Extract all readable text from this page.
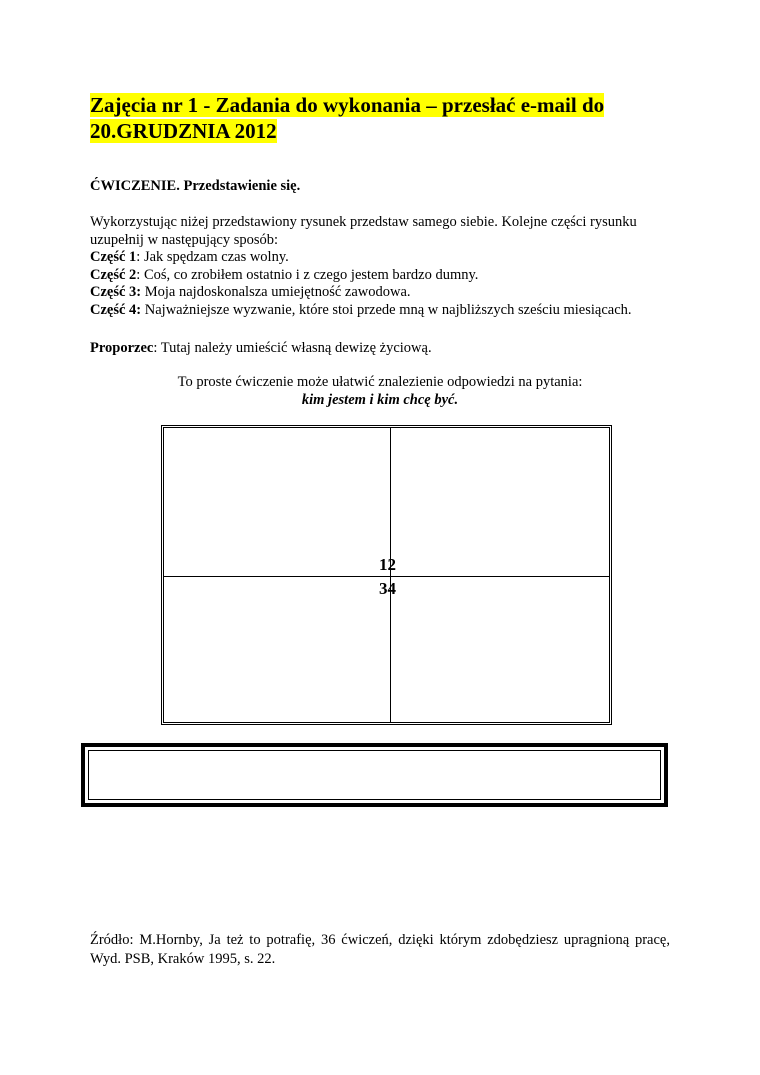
Zajęcia nr 1 - Zadania do wykonania – przesłać e-mail do
20.GRUDZNIA 2012
ĆWICZENIE. Przedstawienie się.
Wykorzystując niżej przedstawiony rysunek przedstaw samego siebie. Kolejne części rysunku uzupełnij w następujący sposób:
Część 1: Jak spędzam czas wolny.
Część 2: Coś, co zrobiłem ostatnio i z czego jestem bardzo dumny.
Część 3: Moja najdoskonalsza umiejętność zawodowa.
Część 4: Najważniejsze wyzwanie, które stoi przede mną w najbliższych sześciu miesiącach.
Proporzec: Tutaj należy umieścić własną dewizę życiową.
To proste ćwiczenie może ułatwić znalezienie odpowiedzi na pytania:
kim jestem i kim chcę być.
12
34
Źródło: M.Hornby, Ja też to potrafię, 36 ćwiczeń, dzięki którym zdobędziesz upragnioną pracę, Wyd. PSB, Kraków 1995, s. 22.
